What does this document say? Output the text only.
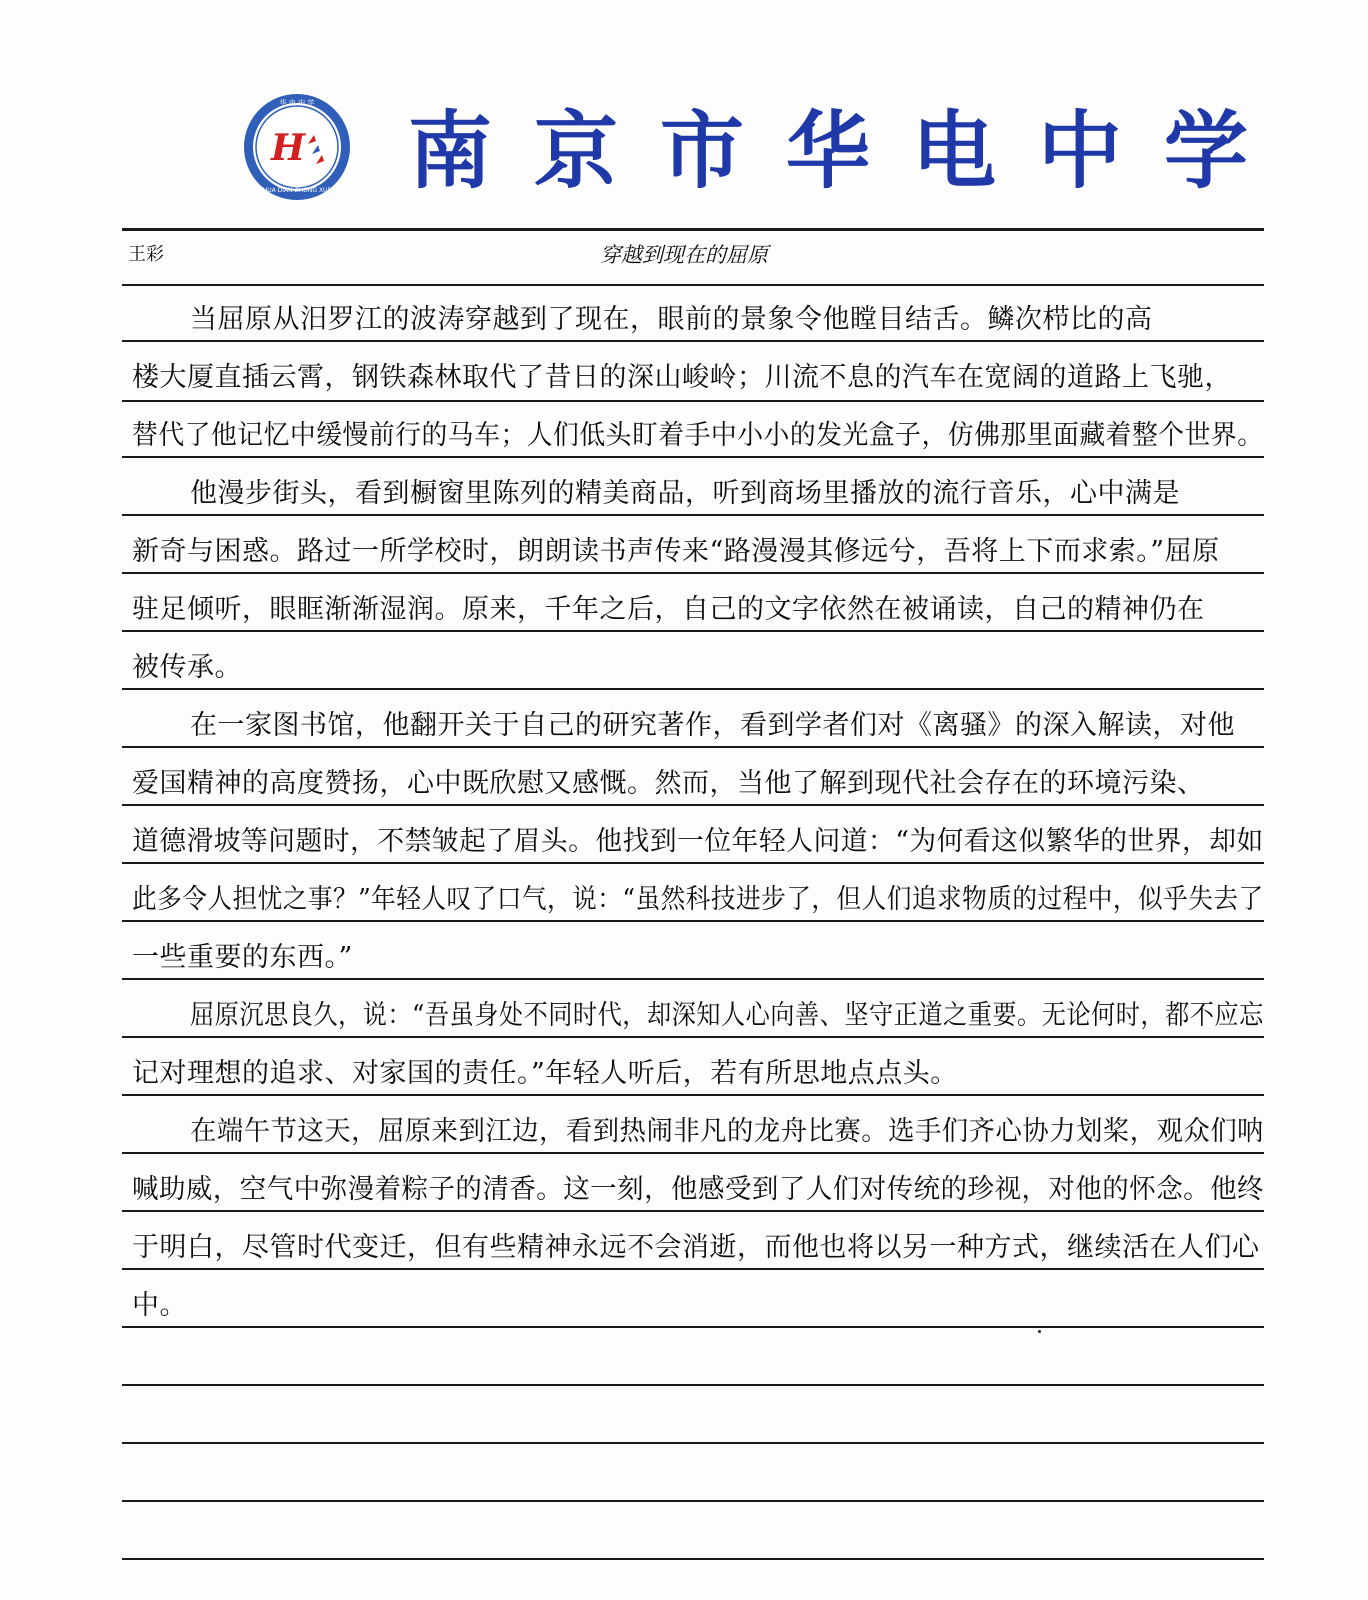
华 电 中 学
H
HUA DIAN ZHONG XUE 南京市华电中学
王彩	穿越到现在的屈原
当屈原从汨罗江的波涛穿越到了现在，眼前的景象令他瞠目结舌。鳞次栉比的高
楼大厦直插云霄，钢铁森林取代了昔日的深山峻岭；川流不息的汽车在宽阔的道路上飞驰，
替代了他记忆中缓慢前行的马车；人们低头盯着手中小小的发光盒子，仿佛那里面藏着整个世界。
他漫步街头，看到橱窗里陈列的精美商品，听到商场里播放的流行音乐，心中满是
新奇与困惑。路过一所学校时，朗朗读书声传来“路漫漫其修远兮，吾将上下而求索。”屈原
驻足倾听，眼眶渐渐湿润。原来，千年之后，自己的文字依然在被诵读，自己的精神仍在
被传承。
在一家图书馆，他翻开关于自己的研究著作，看到学者们对《离骚》的深入解读，对他
爱国精神的高度赞扬，心中既欣慰又感慨。然而，当他了解到现代社会存在的环境污染、
道德滑坡等问题时，不禁皱起了眉头。他找到一位年轻人问道：“为何看这似繁华的世界，却如
此多令人担忧之事？”年轻人叹了口气，说：“虽然科技进步了，但人们追求物质的过程中，似乎失去了
一些重要的东西。”
屈原沉思良久，说：“吾虽身处不同时代，却深知人心向善、坚守正道之重要。无论何时，都不应忘
记对理想的追求、对家国的责任。”年轻人听后，若有所思地点点头。
在端午节这天，屈原来到江边，看到热闹非凡的龙舟比赛。选手们齐心协力划桨，观众们呐
喊助威，空气中弥漫着粽子的清香。这一刻，他感受到了人们对传统的珍视，对他的怀念。他终
于明白，尽管时代变迁，但有些精神永远不会消逝，而他也将以另一种方式，继续活在人们心
中。
